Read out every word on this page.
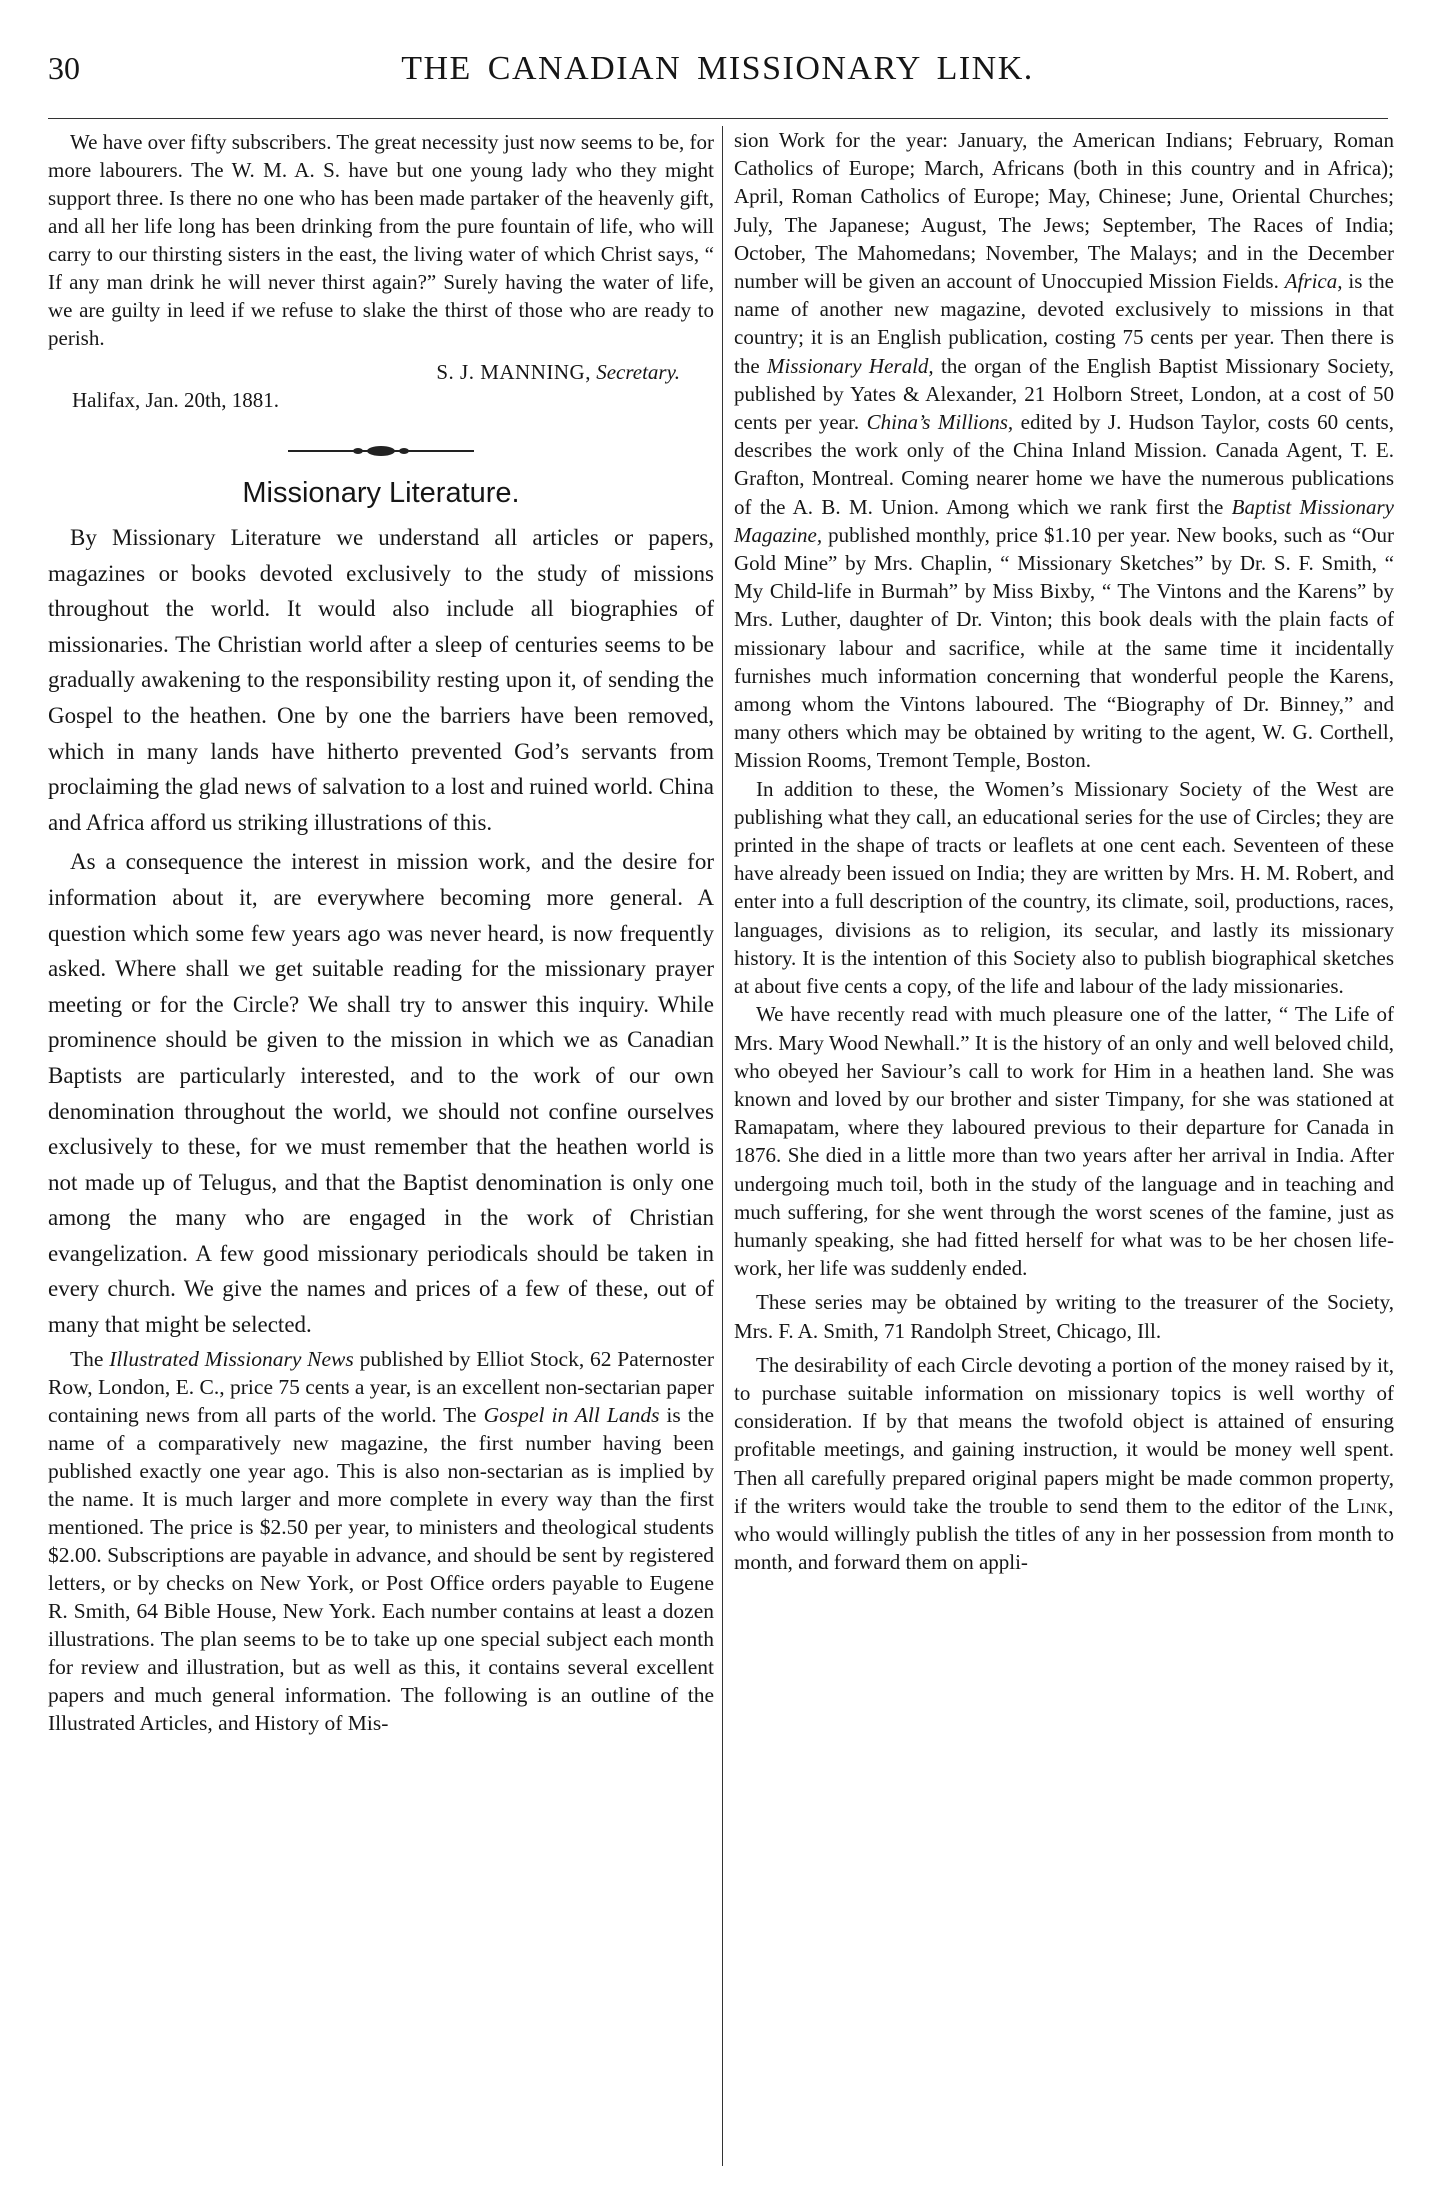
30	THE CANADIAN MISSIONARY LINK.

We have over fifty subscribers. The great necessity just now seems to be, for more labourers. The W. M. A. S. have but one young lady who they might support three. Is there no one who has been made partaker of the heavenly gift, and all her life long has been drinking from the pure fountain of life, who will carry to our thirsting sisters in the east, the living water of which Christ says, “ If any man drink he will never thirst again?” Surely having the water of life, we are guilty in leed if we refuse to slake the thirst of those who are ready to perish.

S. J. MANNING, Secretary.
Halifax, Jan. 20th, 1881.
Missionary Literature.

By Missionary Literature we understand all articles or papers, magazines or books devoted exclusively to the study of missions throughout the world. It would also include all biographies of missionaries. The Christian world after a sleep of centuries seems to be gradually awakening to the responsibility resting upon it, of sending the Gospel to the heathen. One by one the barriers have been removed, which in many lands have hitherto prevented God’s servants from proclaiming the glad news of salvation to a lost and ruined world. China and Africa afford us striking illustrations of this.

As a consequence the interest in mission work, and the desire for information about it, are everywhere becoming more general. A question which some few years ago was never heard, is now frequently asked. Where shall we get suitable reading for the missionary prayer meeting or for the Circle? We shall try to answer this inquiry. While prominence should be given to the mission in which we as Canadian Baptists are particularly interested, and to the work of our own denomination throughout the world, we should not confine ourselves exclusively to these, for we must remember that the heathen world is not made up of Telugus, and that the Baptist denomination is only one among the many who are engaged in the work of Christian evangelization. A few good missionary periodicals should be taken in every church. We give the names and prices of a few of these, out of many that might be selected.

The Illustrated Missionary News published by Elliot Stock, 62 Paternoster Row, London, E. C., price 75 cents a year, is an excellent non-sectarian paper containing news from all parts of the world. The Gospel in All Lands is the name of a comparatively new magazine, the first number having been published exactly one year ago. This is also non-sectarian as is implied by the name. It is much larger and more complete in every way than the first mentioned. The price is $2.50 per year, to ministers and theological students $2.00. Subscriptions are payable in advance, and should be sent by registered letters, or by checks on New York, or Post Office orders payable to Eugene R. Smith, 64 Bible House, New York. Each number contains at least a dozen illustrations. The plan seems to be to take up one special subject each month for review and illustration, but as well as this, it contains several excellent papers and much general information. The following is an outline of the Illustrated Articles, and History of Mis-

sion Work for the year: January, the American Indians; February, Roman Catholics of Europe; March, Africans (both in this country and in Africa); April, Roman Catholics of Europe; May, Chinese; June, Oriental Churches; July, The Japanese; August, The Jews; September, The Races of India; October, The Mahomedans; November, The Malays; and in the December number will be given an account of Unoccupied Mission Fields. Africa, is the name of another new magazine, devoted exclusively to missions in that country; it is an English publication, costing 75 cents per year. Then there is the Missionary Herald, the organ of the English Baptist Missionary Society, published by Yates & Alexander, 21 Holborn Street, London, at a cost of 50 cents per year. China’s Millions, edited by J. Hudson Taylor, costs 60 cents, describes the work only of the China Inland Mission. Canada Agent, T. E. Grafton, Montreal. Coming nearer home we have the numerous publications of the A. B. M. Union. Among which we rank first the Baptist Missionary Magazine, published monthly, price $1.10 per year. New books, such as “Our Gold Mine” by Mrs. Chaplin, “ Missionary Sketches” by Dr. S. F. Smith, “ My Child-life in Burmah” by Miss Bixby, “ The Vintons and the Karens” by Mrs. Luther, daughter of Dr. Vinton; this book deals with the plain facts of missionary labour and sacrifice, while at the same time it incidentally furnishes much information concerning that wonderful people the Karens, among whom the Vintons laboured. The “Biography of Dr. Binney,” and many others which may be obtained by writing to the agent, W. G. Corthell, Mission Rooms, Tremont Temple, Boston.

In addition to these, the Women’s Missionary Society of the West are publishing what they call, an educational series for the use of Circles; they are printed in the shape of tracts or leaflets at one cent each. Seventeen of these have already been issued on India; they are written by Mrs. H. M. Robert, and enter into a full description of the country, its climate, soil, productions, races, languages, divisions as to religion, its secular, and lastly its missionary history. It is the intention of this Society also to publish biographical sketches at about five cents a copy, of the life and labour of the lady missionaries.

We have recently read with much pleasure one of the latter, “ The Life of Mrs. Mary Wood Newhall.” It is the history of an only and well beloved child, who obeyed her Saviour’s call to work for Him in a heathen land. She was known and loved by our brother and sister Timpany, for she was stationed at Ramapatam, where they laboured previous to their departure for Canada in 1876. She died in a little more than two years after her arrival in India. After undergoing much toil, both in the study of the language and in teaching and much suffering, for she went through the worst scenes of the famine, just as humanly speaking, she had fitted herself for what was to be her chosen life-work, her life was suddenly ended.

These series may be obtained by writing to the treasurer of the Society, Mrs. F. A. Smith, 71 Randolph Street, Chicago, Ill.

The desirability of each Circle devoting a portion of the money raised by it, to purchase suitable information on missionary topics is well worthy of consideration. If by that means the twofold object is attained of ensuring profitable meetings, and gaining instruction, it would be money well spent. Then all carefully prepared original papers might be made common property, if the writers would take the trouble to send them to the editor of the Link, who would willingly publish the titles of any in her possession from month to month, and forward them on appli-
